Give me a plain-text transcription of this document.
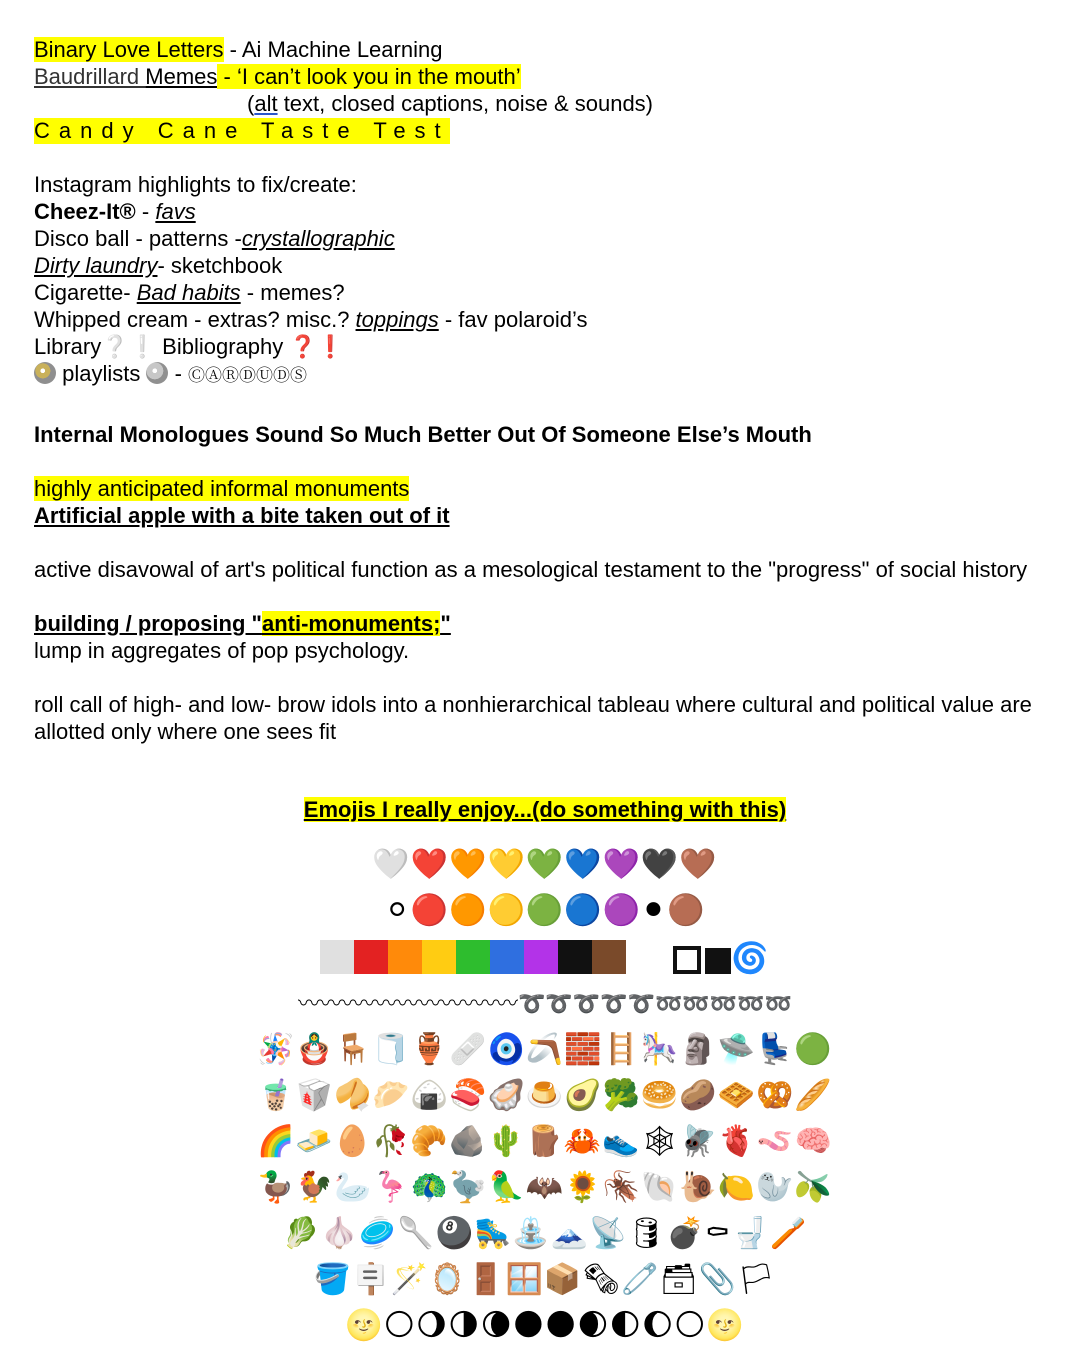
Binary Love Letters - Ai Machine Learning
Baudrillard Memes - ‘I can’t look you in the mouth’
(alt text, closed captions, noise & sounds)
Candy Cane Taste Test
Instagram highlights to fix/create:
Cheez-It® - favs
Disco ball - patterns -crystallographic
Dirty laundry- sketchbook
Cigarette- Bad habits - memes?
Whipped cream - extras? misc.? toppings - fav polaroid’s
Library❔❕ Bibliography ❓❗
playlists  - ⒸⒶⓇⒹⓊⒹⓈ
Internal Monologues Sound So Much Better Out Of Someone Else’s Mouth
highly anticipated informal monuments
Artificial apple with a bite taken out of it
active disavowal of art's political function as a mesological testament to the "progress" of social history
building / proposing "anti-monuments;"
lump in aggregates of pop psychology.
roll call of high- and low- brow idols into a nonhierarchical tableau where cultural and political value are allotted only where one sees fit
Emojis I really enjoy...(do something with this)
🤍❤️🧡💛💚💙💜🖤🤎
⚪🔴🟠🟡🟢🔵🟣⚫🟤
🌀
〰〰〰〰〰〰〰〰〰〰➰➰➰➰➰➿➿➿➿➿
🪅🪆🪑🧻🏺🩹🧿🪃🧱🪜🎠🗿🛸💺🟢
🧋🥡🥠🥟🍙🍣🦪🍮🥑🥦🥯🥔🧇🥨🥖
🌈🧈🥚🥀🥐🪨🌵🪵🦀👟🕸🪰🫀🪱🧠
🦆🐓🦢🦩🦚🦤🦜🦇🌻🪳🐚🐌🍋🦭🫒
🥬🧄🥏🥄🎱🛼⛲🗻📡🛢💣⚰🚽🪥
🪣🪧🪄🪞🚪🪟📦🗞🧷🗃📎🏳
🌝🌕🌖🌗🌘🌑🌑🌒🌓🌔🌕🌝
